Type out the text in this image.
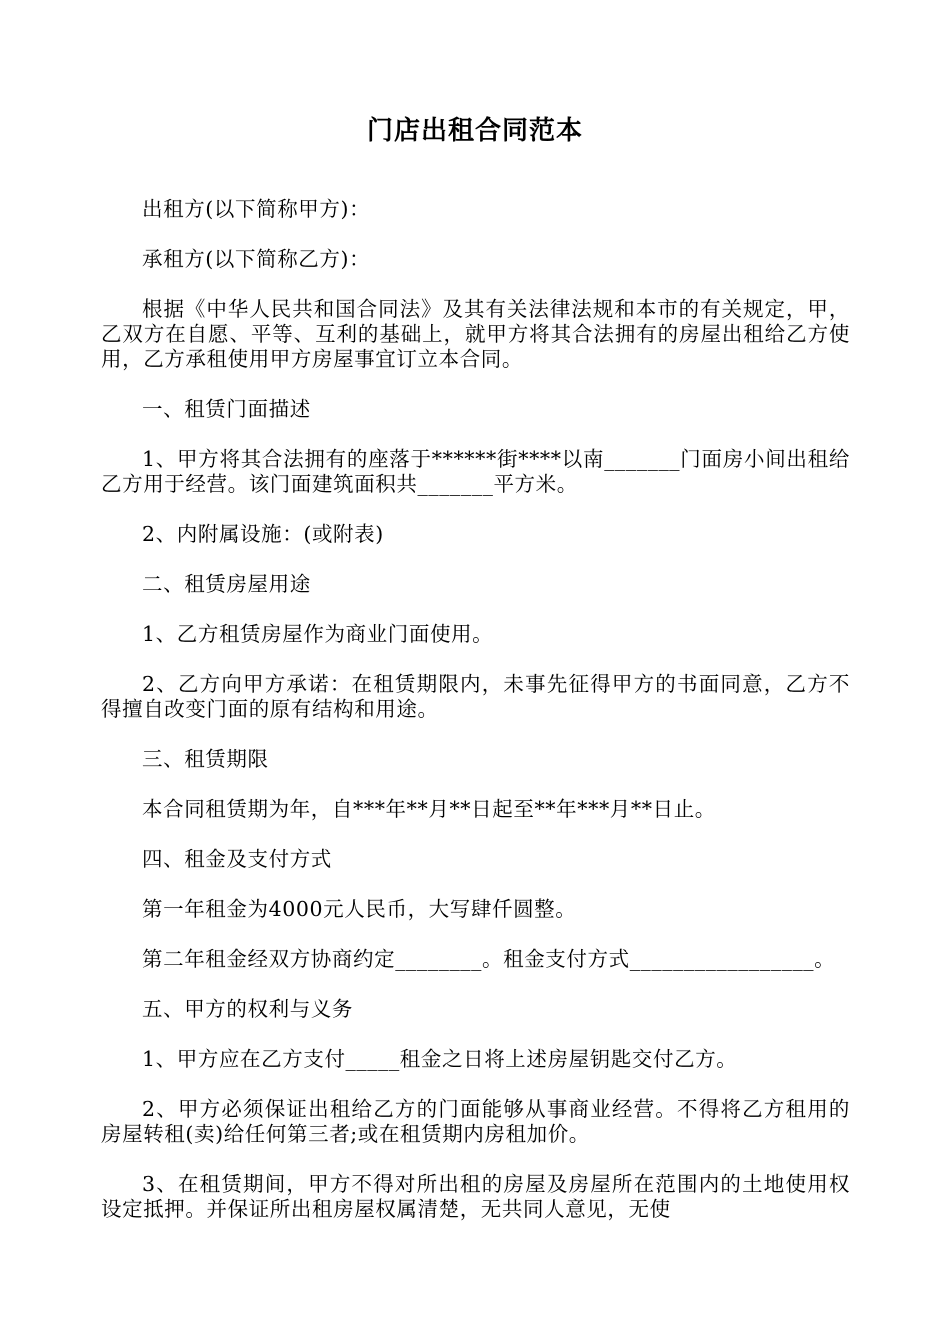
门店出租合同范本

出租方(以下简称甲方)：

承租方(以下简称乙方)：

根据《中华人民共和国合同法》及其有关法律法规和本市的有关规定，甲，乙双方在自愿、平等、互利的基础上，就甲方将其合法拥有的房屋出租给乙方使用，乙方承租使用甲方房屋事宜订立本合同。

一、租赁门面描述

1、甲方将其合法拥有的座落于******街****以南_______门面房小间出租给乙方用于经营。该门面建筑面积共_______平方米。

2、内附属设施：(或附表)

二、租赁房屋用途

1、乙方租赁房屋作为商业门面使用。

2、乙方向甲方承诺：在租赁期限内，未事先征得甲方的书面同意，乙方不得擅自改变门面的原有结构和用途。

三、租赁期限

本合同租赁期为年，自***年**月**日起至**年***月**日止。

四、租金及支付方式

第一年租金为4000元人民币，大写肆仟圆整。

第二年租金经双方协商约定________。租金支付方式_________________。

五、甲方的权利与义务

1、甲方应在乙方支付_____租金之日将上述房屋钥匙交付乙方。

2、甲方必须保证出租给乙方的门面能够从事商业经营。不得将乙方租用的房屋转租(卖)给任何第三者;或在租赁期内房租加价。

3、在租赁期间，甲方不得对所出租的房屋及房屋所在范围内的土地使用权设定抵押。并保证所出租房屋权属清楚，无共同人意见，无使
